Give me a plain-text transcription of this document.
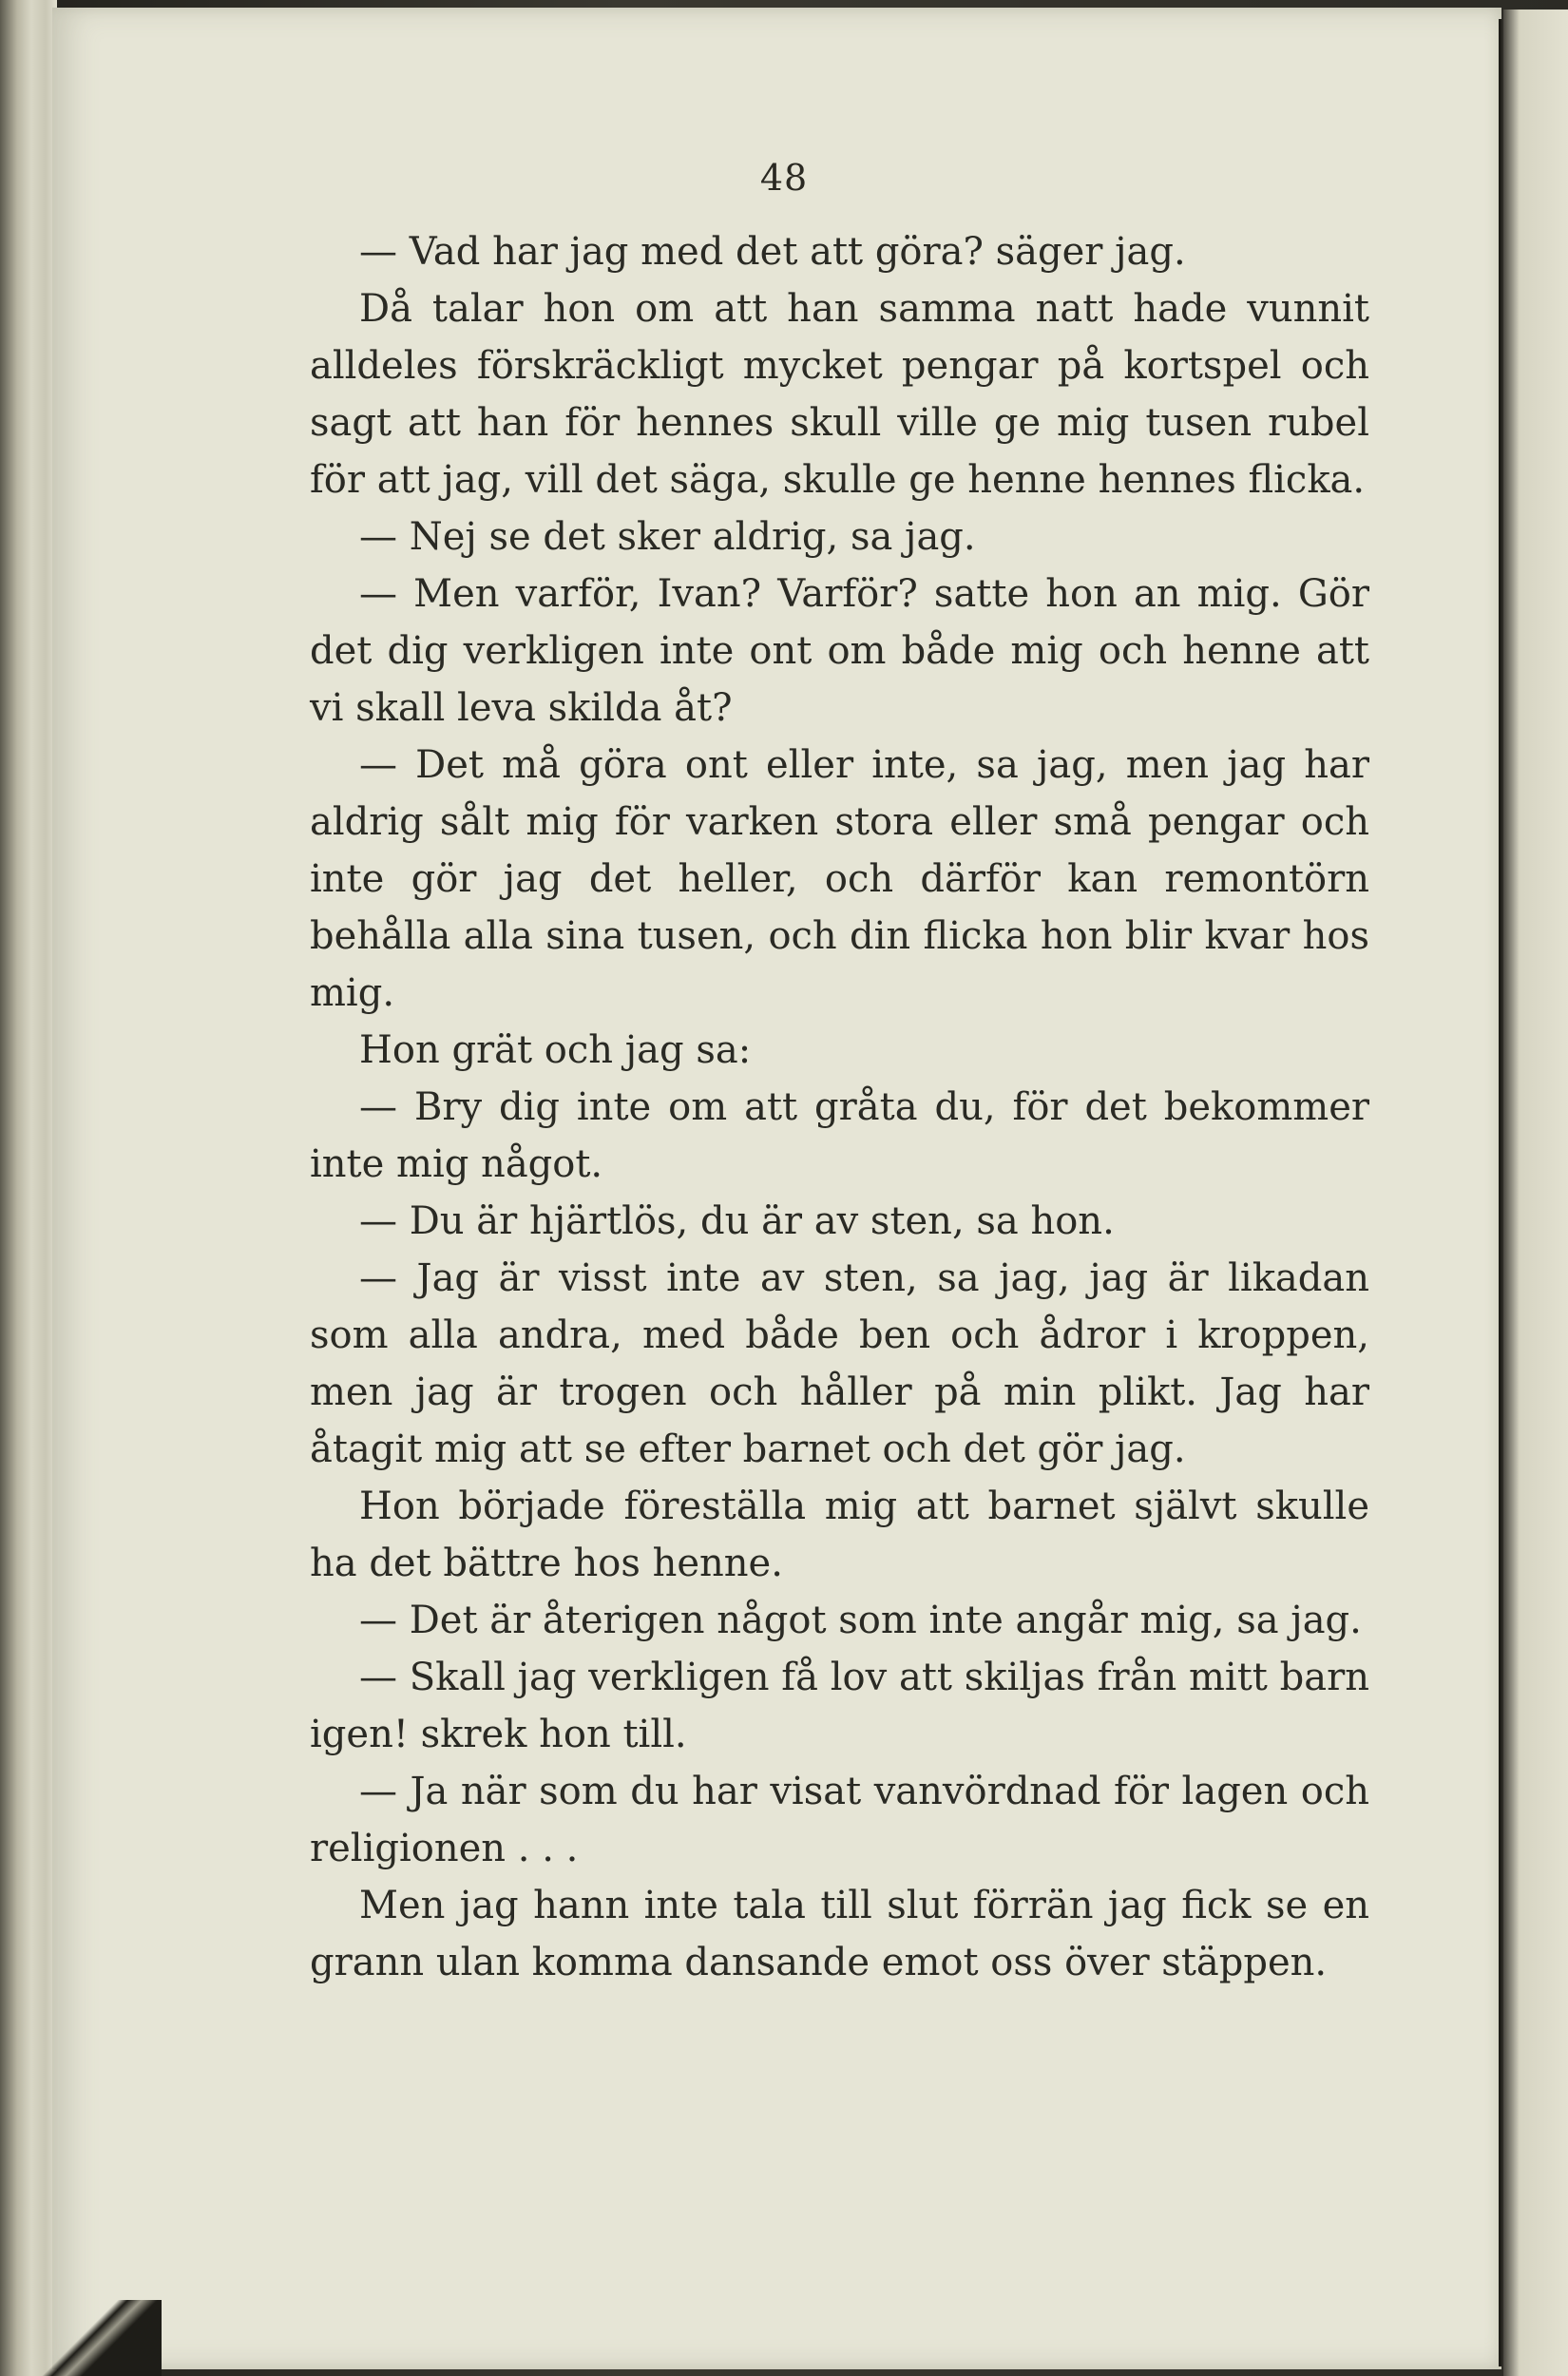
48

— Vad har jag med det att göra? säger jag.

Då talar hon om att han samma natt hade vunnit alldeles förskräckligt mycket pengar på kortspel och sagt att han för hennes skull ville ge mig tusen rubel för att jag, vill det säga, skulle ge henne hennes flicka.

— Nej se det sker aldrig, sa jag.

— Men varför, Ivan? Varför? satte hon an mig. Gör det dig verkligen inte ont om både mig och henne att vi skall leva skilda åt?

— Det må göra ont eller inte, sa jag, men jag har aldrig sålt mig för varken stora eller små pengar och inte gör jag det heller, och därför kan remontörn behålla alla sina tusen, och din flicka hon blir kvar hos mig.

Hon grät och jag sa:

— Bry dig inte om att gråta du, för det bekommer inte mig något.

— Du är hjärtlös, du är av sten, sa hon.

— Jag är visst inte av sten, sa jag, jag är likadan som alla andra, med både ben och ådror i kroppen, men jag är trogen och håller på min plikt. Jag har åtagit mig att se efter barnet och det gör jag.

Hon började föreställa mig att barnet självt skulle ha det bättre hos henne.

— Det är återigen något som inte angår mig, sa jag.

— Skall jag verkligen få lov att skiljas från mitt barn igen! skrek hon till.

— Ja när som du har visat vanvördnad för lagen och religionen . . .

Men jag hann inte tala till slut förrän jag fick se en grann ulan komma dansande emot oss över stäppen.
